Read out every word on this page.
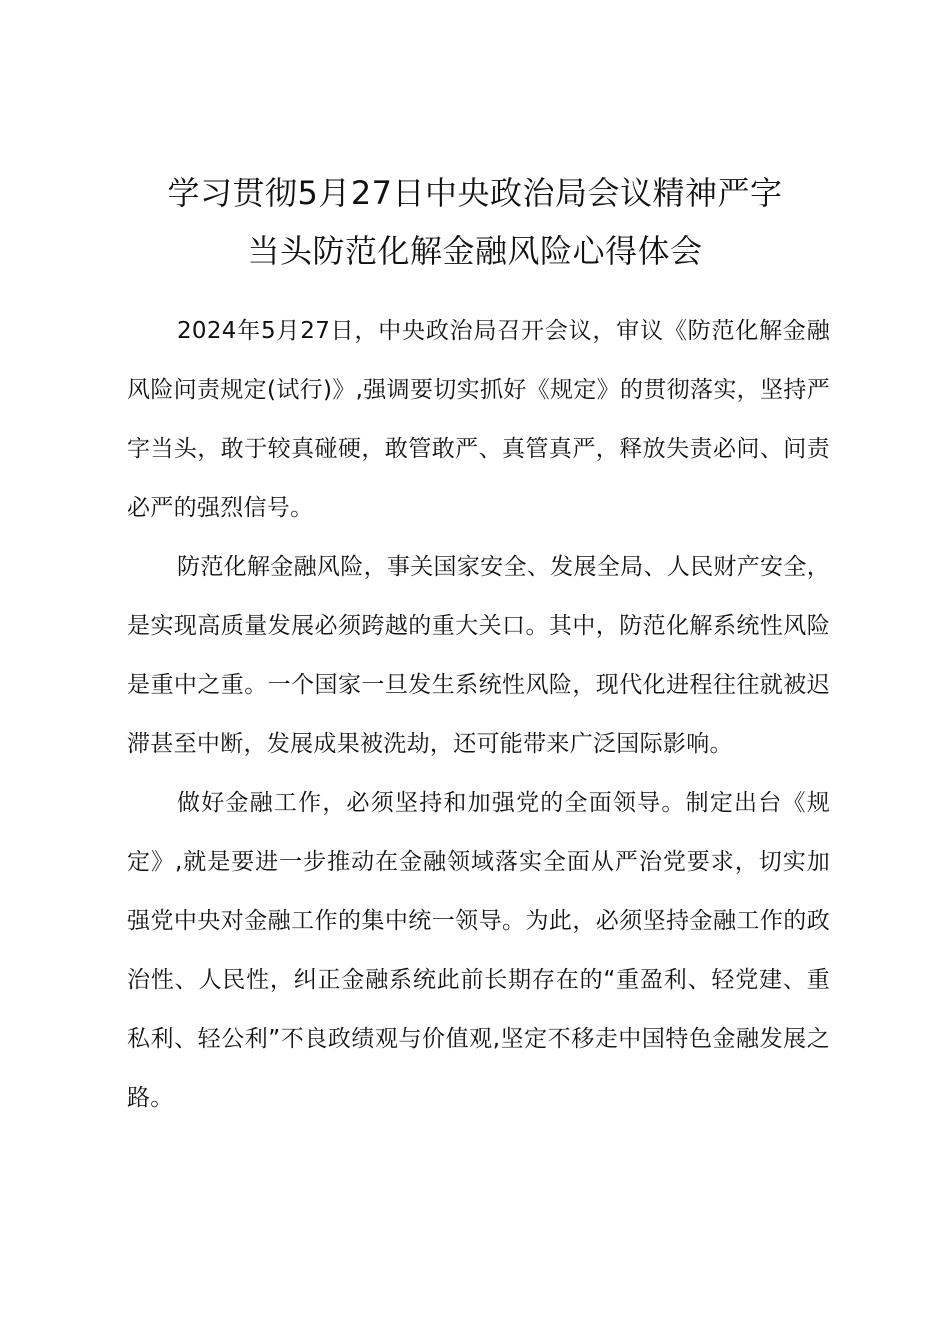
学习贯彻5月27日中央政治局会议精神严字
当头防范化解金融风险心得体会

2024年5月27日，中央政治局召开会议，审议《防范化解金融风险问责规定(试行)》,强调要切实抓好《规定》的贯彻落实，坚持严字当头，敢于较真碰硬，敢管敢严、真管真严，释放失责必问、问责必严的强烈信号。

防范化解金融风险，事关国家安全、发展全局、人民财产安全，是实现高质量发展必须跨越的重大关口。其中，防范化解系统性风险是重中之重。一个国家一旦发生系统性风险，现代化进程往往就被迟滞甚至中断，发展成果被洗劫，还可能带来广泛国际影响。

做好金融工作，必须坚持和加强党的全面领导。制定出台《规定》,就是要进一步推动在金融领域落实全面从严治党要求，切实加强党中央对金融工作的集中统一领导。为此，必须坚持金融工作的政治性、人民性，纠正金融系统此前长期存在的“重盈利、轻党建、重私利、轻公利”不良政绩观与价值观,坚定不移走中国特色金融发展之路。
